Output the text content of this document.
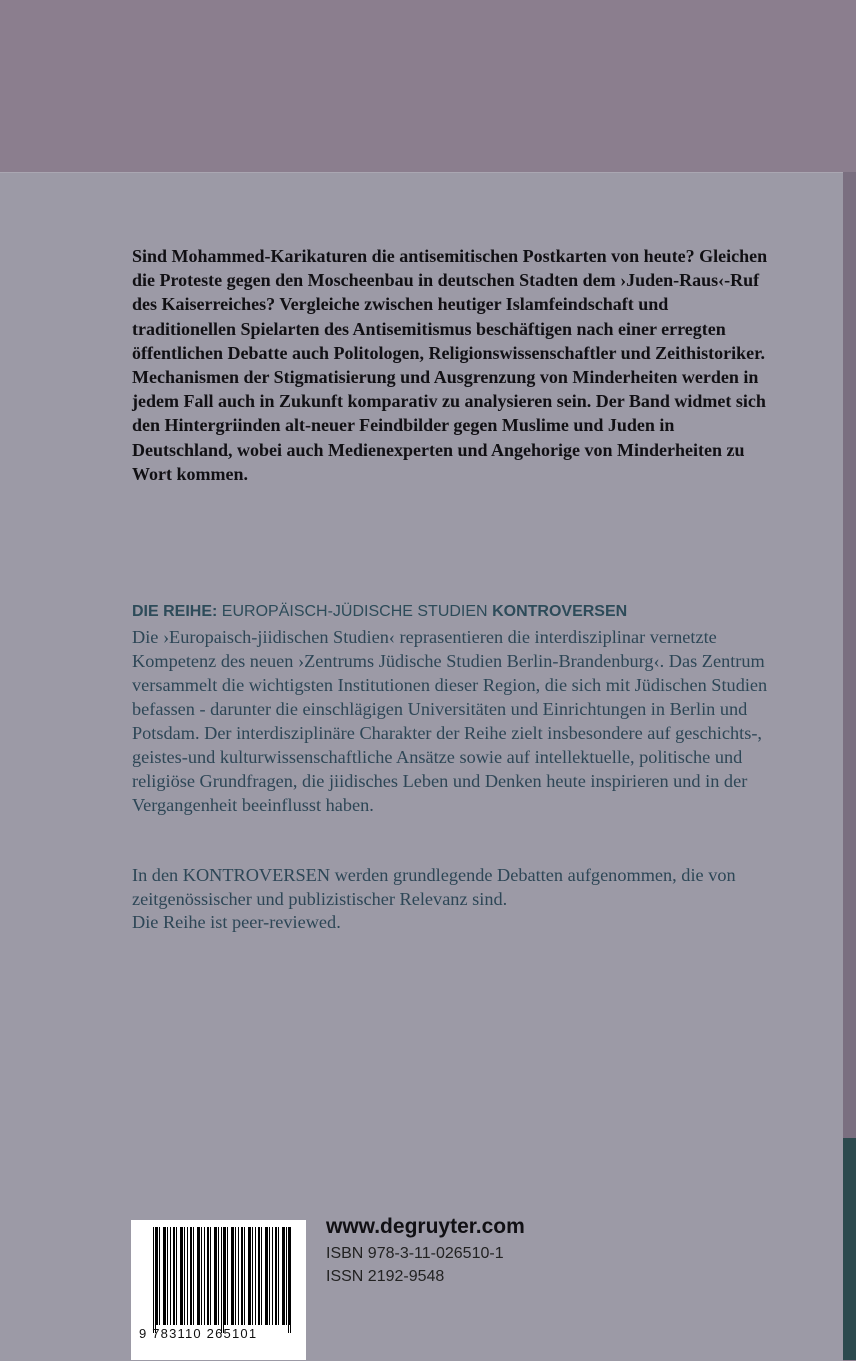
Sind Mohammed-Karikaturen die antisemitischen Postkarten von heute? Gleichen die Proteste gegen den Moscheenbau in deutschen Stadten dem ›Juden-Raus‹-Ruf des Kaiserreiches? Vergleiche zwischen heutiger Islamfeindschaft und traditionellen Spielarten des Antisemitismus beschäftigen nach einer erregten öffentlichen Debatte auch Politologen, Religionswissenschaftler und Zeithistoriker. Mechanismen der Stigmatisierung und Ausgrenzung von Minderheiten werden in jedem Fall auch in Zukunft komparativ zu analysieren sein. Der Band widmet sich den Hintergriinden alt-neuer Feindbilder gegen Muslime und Juden in Deutschland, wobei auch Medienexperten und Angehorige von Minderheiten zu Wort kommen.

DIE REIHE: EUROPÄISCH-JÜDISCHE STUDIEN KONTROVERSEN

Die ›Europaisch-jiidischen Studien‹ reprasentieren die interdisziplinar vernetzte Kompetenz des neuen ›Zentrums Jüdische Studien Berlin-Brandenburg‹. Das Zentrum versammelt die wichtigsten Institutionen dieser Region, die sich mit Jüdischen Studien befassen - darunter die einschlägigen Universitäten und Einrichtungen in Berlin und Potsdam. Der interdisziplinäre Charakter der Reihe zielt insbesondere auf geschichts-, geistes-und kulturwissenschaftliche Ansätze sowie auf intellektuelle, politische und religiöse Grundfragen, die jiidisches Leben und Denken heute inspirieren und in der Vergangenheit beeinflusst haben.

In den KONTROVERSEN werden grundlegende Debatten aufgenommen, die von zeitgenössischer und publizistischer Relevanz sind.
Die Reihe ist peer-reviewed.
9 783110 265101
www.degruyter.com
ISBN 978-3-11-026510-1
ISSN 2192-9548
